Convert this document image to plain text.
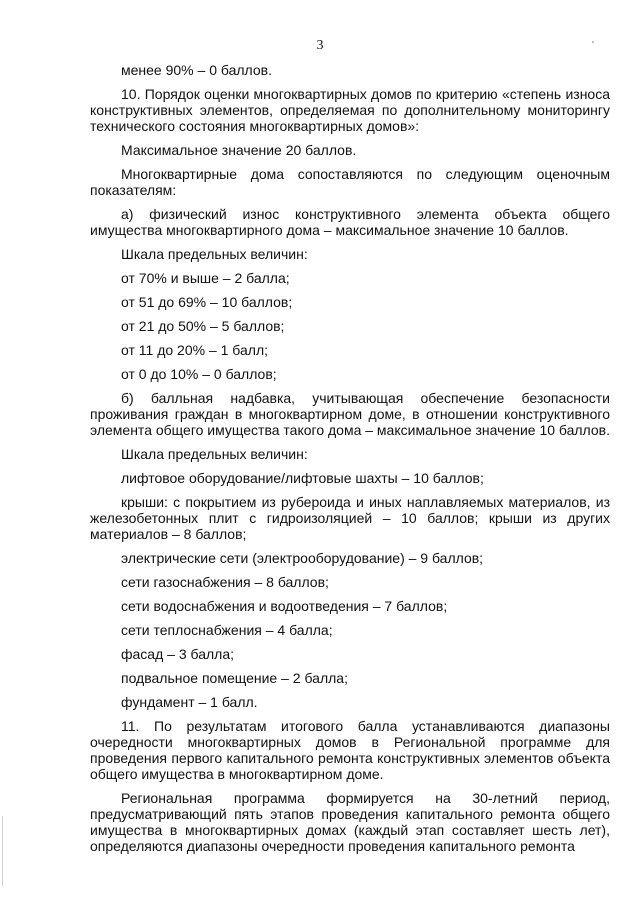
3	'

менее 90% – 0 баллов.

10. Порядок оценки многоквартирных домов по критерию «степень износа конструктивных элементов, определяемая по дополнительному мониторингу технического состояния многоквартирных домов»:

Максимальное значение 20 баллов.

Многоквартирные дома сопоставляются по следующим оценочным показателям:

а) физический износ конструктивного элемента объекта общего имущества многоквартирного дома – максимальное значение 10 баллов.

Шкала предельных величин:

от 70% и выше – 2 балла;

от 51 до 69% – 10 баллов;

от 21 до 50% – 5 баллов;

от 11 до 20% – 1 балл;

от 0 до 10% – 0 баллов;

б) балльная надбавка, учитывающая обеспечение безопасности проживания граждан в многоквартирном доме, в отношении конструктивного элемента общего имущества такого дома – максимальное значение 10 баллов.

Шкала предельных величин:

лифтовое оборудование/лифтовые шахты – 10 баллов;

крыши: с покрытием из рубероида и иных наплавляемых материалов, из железобетонных плит с гидроизоляцией – 10 баллов; крыши из других материалов – 8 баллов;

электрические сети (электрооборудование) – 9 баллов;

сети газоснабжения – 8 баллов;

сети водоснабжения и водоотведения – 7 баллов;

сети теплоснабжения – 4 балла;

фасад – 3 балла;

подвальное помещение – 2 балла;

фундамент – 1 балл.

11. По результатам итогового балла устанавливаются диапазоны очередности многоквартирных домов в Региональной программе для проведения первого капитального ремонта конструктивных элементов объекта общего имущества в многоквартирном доме.

Региональная программа формируется на 30-летний период, предусматривающий пять этапов проведения капитального ремонта общего имущества в многоквартирных домах (каждый этап составляет шесть лет), определяются диапазоны очередности проведения капитального ремонта
